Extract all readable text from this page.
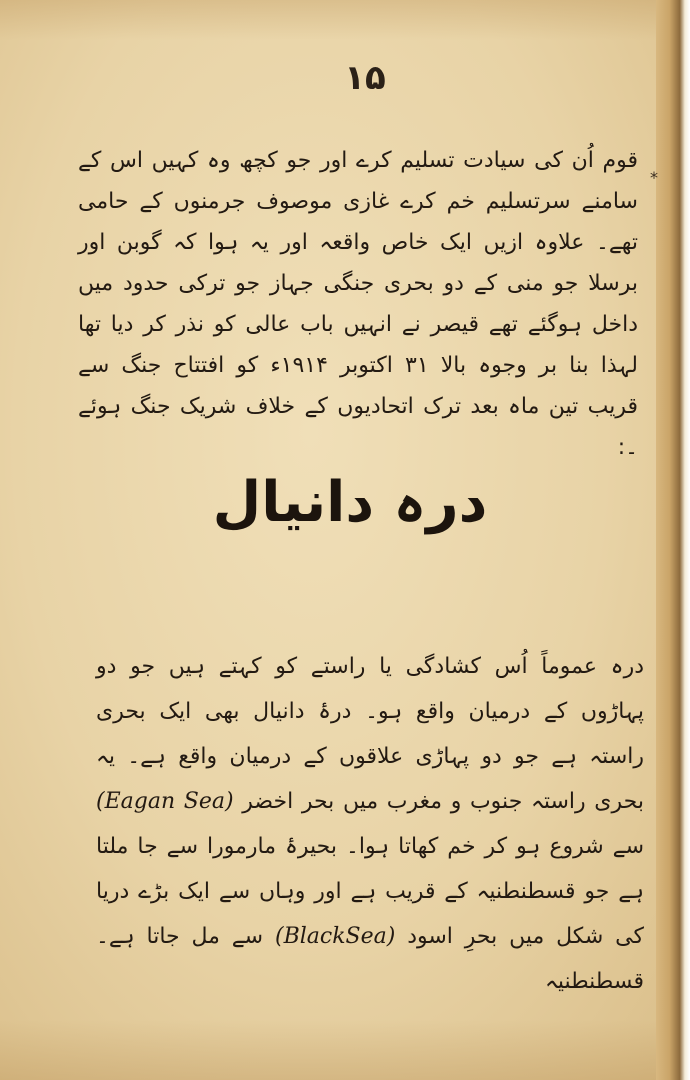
۱۵
*

قوم اُن کی سیادت تسلیم کرے اور جو کچھ وہ کہیں اس کے سامنے سرتسلیم خم کرے غازی موصوف جرمنوں کے حامی تھے۔ علاوہ ازیں ایک خاص واقعہ اور یہ ہوا کہ گوبن اور برسلا جو منی کے دو بحری جنگی جہاز جو ترکی حدود میں داخل ہوگئے تھے قیصر نے انہیں باب عالی کو نذر کر دیا تھا لہذا بنا بر وجوہ بالا ۳۱ اکتوبر ۱۹۱۴ء کو افتتاح جنگ سے قریب تین ماہ بعد ترک اتحادیوں کے خلاف شریک جنگ ہوئے ۔:

درہ دانیال

درہ عموماً اُس کشادگی یا راستے کو کہتے ہیں جو دو پہاڑوں کے درمیان واقع ہو۔ درۂ دانیال بھی ایک بحری راستہ ہے جو دو پہاڑی علاقوں کے درمیان واقع ہے۔ یہ بحری راستہ جنوب و مغرب میں بحر اخضر (Eagan Sea) سے شروع ہو کر خم کھاتا ہوا۔ بحیرۂ مارمورا سے جا ملتا ہے جو قسطنطنیہ کے قریب ہے اور وہاں سے ایک بڑے دریا کی شکل میں بحرِ اسود (BlackSea) سے مل جاتا ہے۔ قسطنطنیہ
